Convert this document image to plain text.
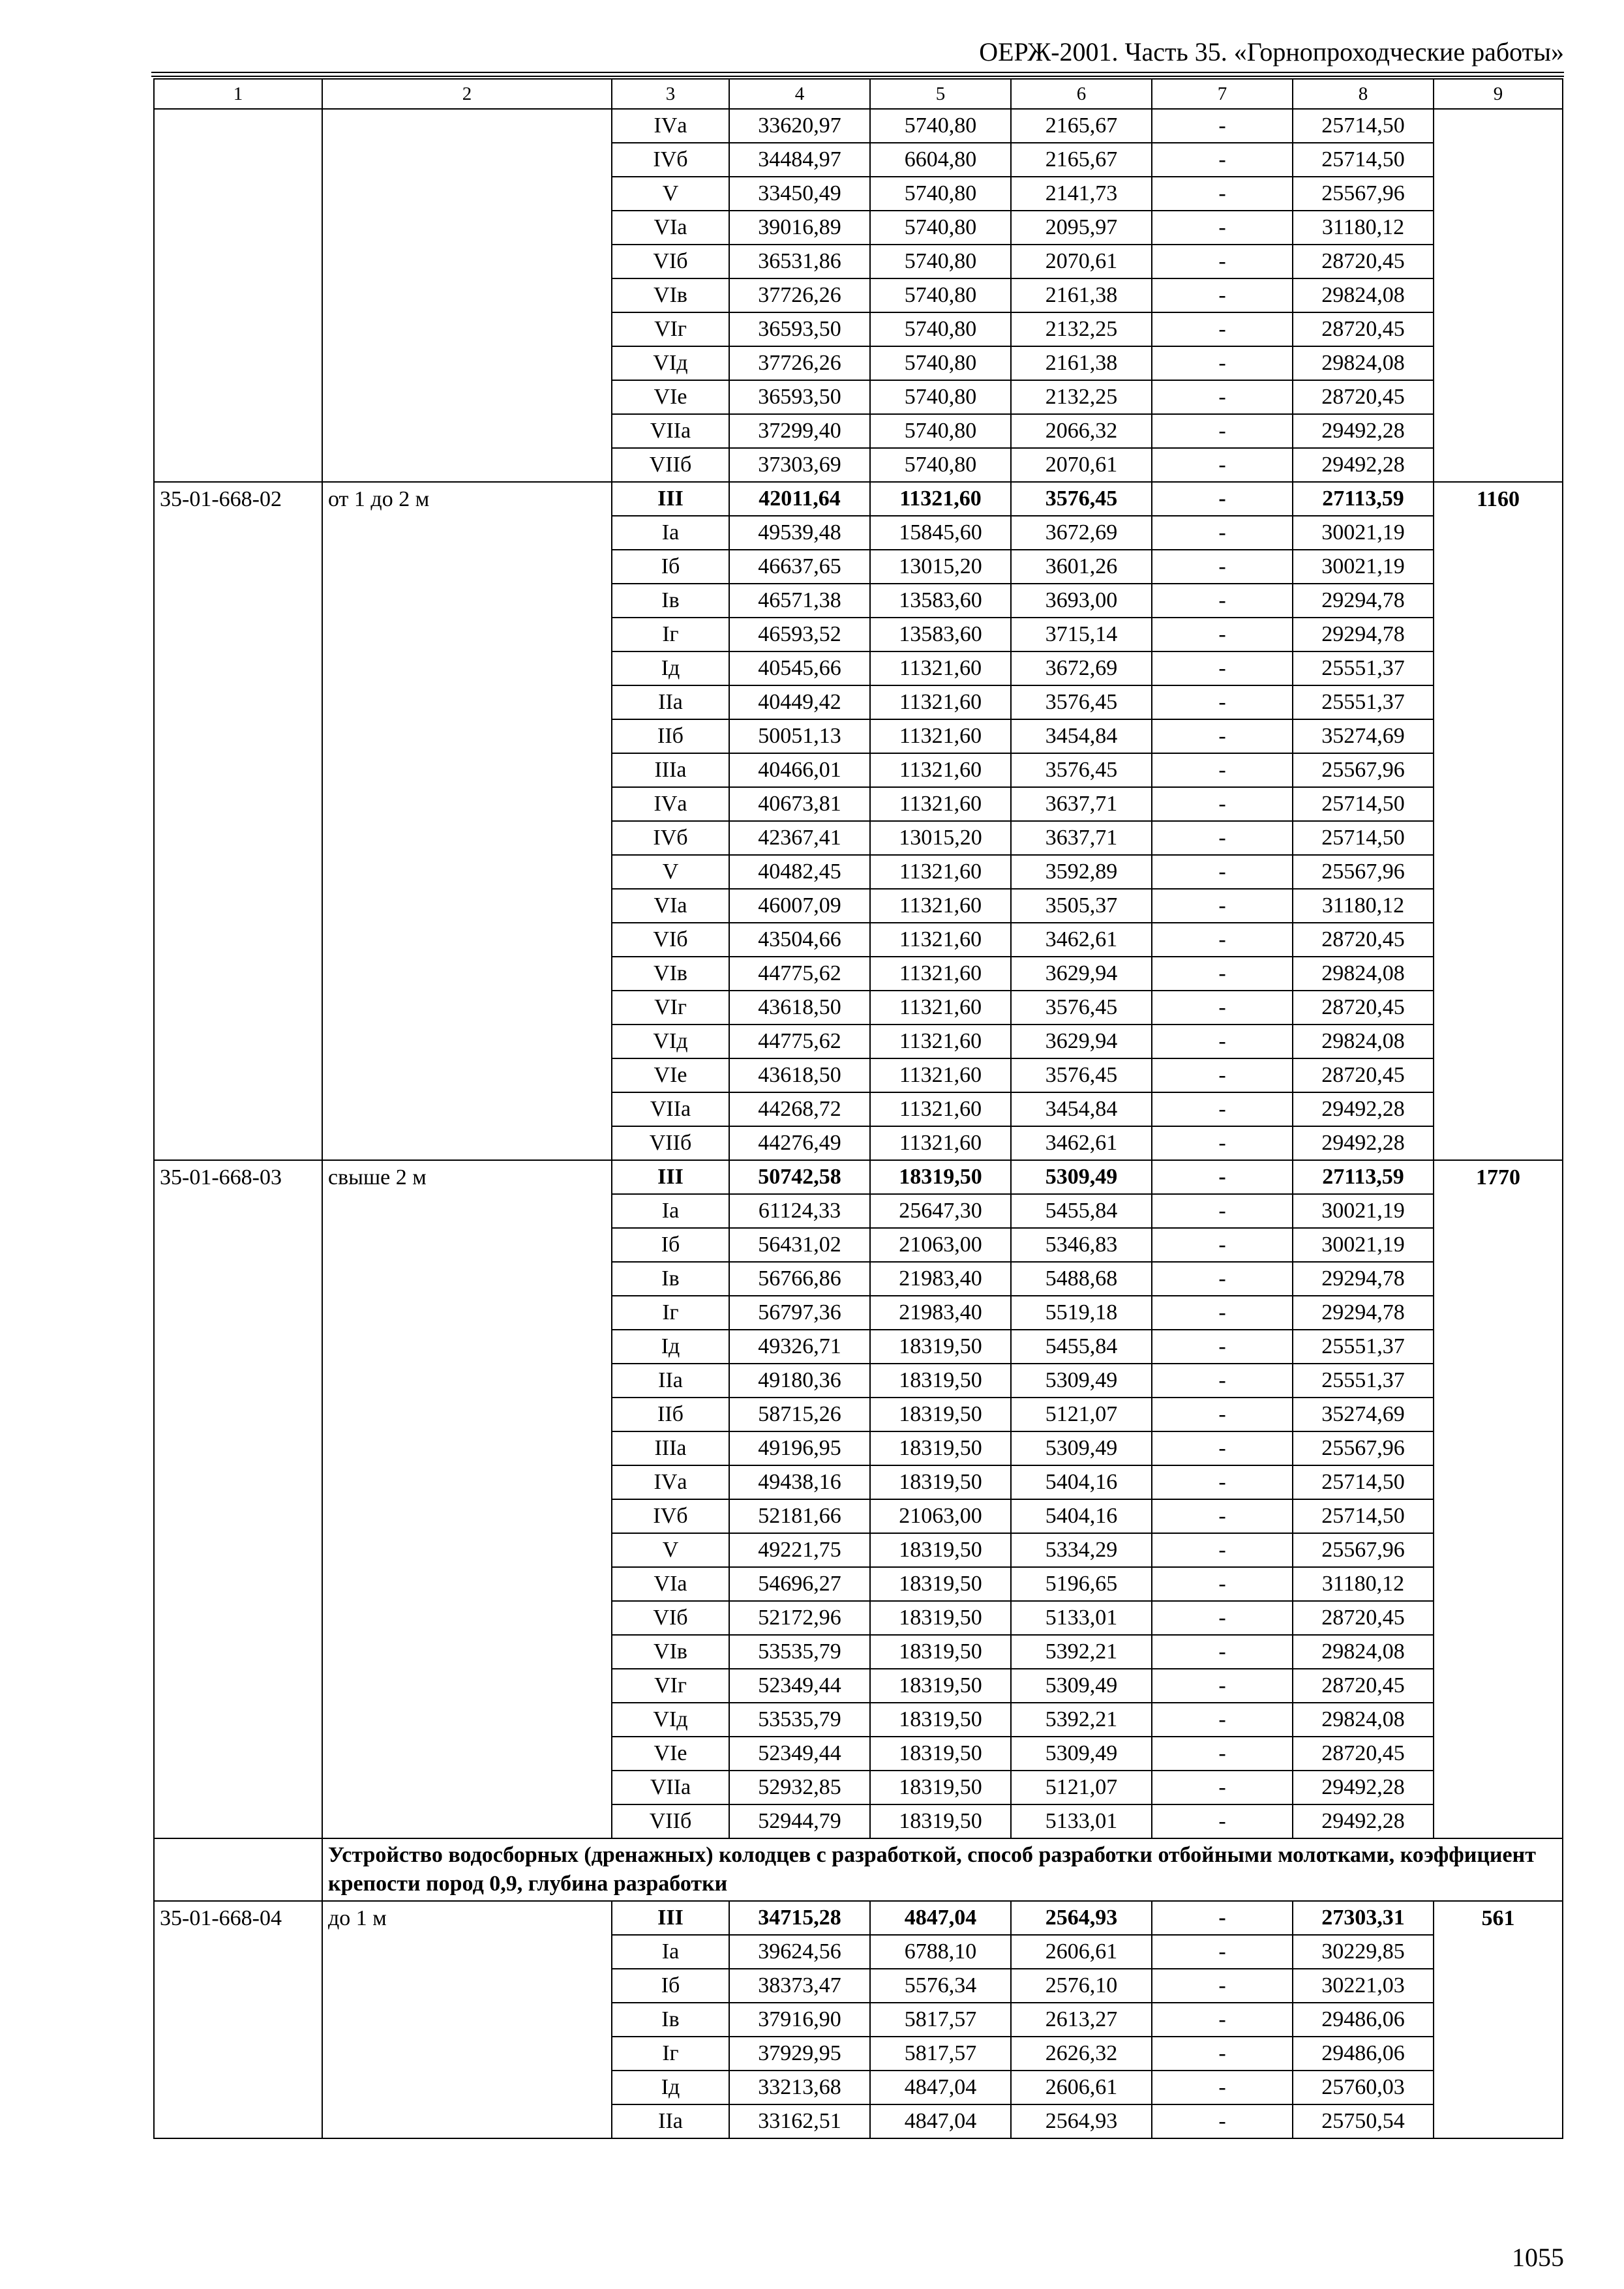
ОЕРЖ-2001. Часть 35. «Горнопроходческие работы»
1	2	3	4	5	6	7	8	9
		IVа	33620,97	5740,80	2165,67	-	25714,50	
		IVб	34484,97	6604,80	2165,67	-	25714,50	
		V	33450,49	5740,80	2141,73	-	25567,96	
		VIа	39016,89	5740,80	2095,97	-	31180,12	
		VIб	36531,86	5740,80	2070,61	-	28720,45	
		VIв	37726,26	5740,80	2161,38	-	29824,08	
		VIг	36593,50	5740,80	2132,25	-	28720,45	
		VIд	37726,26	5740,80	2161,38	-	29824,08	
		VIе	36593,50	5740,80	2132,25	-	28720,45	
		VIIа	37299,40	5740,80	2066,32	-	29492,28	
		VIIб	37303,69	5740,80	2070,61	-	29492,28	
35-01-668-02	от 1 до 2 м	III	42011,64	11321,60	3576,45	-	27113,59	1160
		Iа	49539,48	15845,60	3672,69	-	30021,19	
		Iб	46637,65	13015,20	3601,26	-	30021,19	
		Iв	46571,38	13583,60	3693,00	-	29294,78	
		Iг	46593,52	13583,60	3715,14	-	29294,78	
		Iд	40545,66	11321,60	3672,69	-	25551,37	
		IIа	40449,42	11321,60	3576,45	-	25551,37	
		IIб	50051,13	11321,60	3454,84	-	35274,69	
		IIIа	40466,01	11321,60	3576,45	-	25567,96	
		IVа	40673,81	11321,60	3637,71	-	25714,50	
		IVб	42367,41	13015,20	3637,71	-	25714,50	
		V	40482,45	11321,60	3592,89	-	25567,96	
		VIа	46007,09	11321,60	3505,37	-	31180,12	
		VIб	43504,66	11321,60	3462,61	-	28720,45	
		VIв	44775,62	11321,60	3629,94	-	29824,08	
		VIг	43618,50	11321,60	3576,45	-	28720,45	
		VIд	44775,62	11321,60	3629,94	-	29824,08	
		VIе	43618,50	11321,60	3576,45	-	28720,45	
		VIIа	44268,72	11321,60	3454,84	-	29492,28	
		VIIб	44276,49	11321,60	3462,61	-	29492,28	
35-01-668-03	свыше 2 м	III	50742,58	18319,50	5309,49	-	27113,59	1770
		Iа	61124,33	25647,30	5455,84	-	30021,19	
		Iб	56431,02	21063,00	5346,83	-	30021,19	
		Iв	56766,86	21983,40	5488,68	-	29294,78	
		Iг	56797,36	21983,40	5519,18	-	29294,78	
		Iд	49326,71	18319,50	5455,84	-	25551,37	
		IIа	49180,36	18319,50	5309,49	-	25551,37	
		IIб	58715,26	18319,50	5121,07	-	35274,69	
		IIIа	49196,95	18319,50	5309,49	-	25567,96	
		IVа	49438,16	18319,50	5404,16	-	25714,50	
		IVб	52181,66	21063,00	5404,16	-	25714,50	
		V	49221,75	18319,50	5334,29	-	25567,96	
		VIа	54696,27	18319,50	5196,65	-	31180,12	
		VIб	52172,96	18319,50	5133,01	-	28720,45	
		VIв	53535,79	18319,50	5392,21	-	29824,08	
		VIг	52349,44	18319,50	5309,49	-	28720,45	
		VIд	53535,79	18319,50	5392,21	-	29824,08	
		VIе	52349,44	18319,50	5309,49	-	28720,45	
		VIIа	52932,85	18319,50	5121,07	-	29492,28	
		VIIб	52944,79	18319,50	5133,01	-	29492,28	
	Устройство водосборных (дренажных) колодцев с разработкой, способ разработки отбойными молотками, коэффициент крепости пород 0,9, глубина разработки							
35-01-668-04	до 1 м	III	34715,28	4847,04	2564,93	-	27303,31	561
		Iа	39624,56	6788,10	2606,61	-	30229,85	
		Iб	38373,47	5576,34	2576,10	-	30221,03	
		Iв	37916,90	5817,57	2613,27	-	29486,06	
		Iг	37929,95	5817,57	2626,32	-	29486,06	
		Iд	33213,68	4847,04	2606,61	-	25760,03	
		IIа	33162,51	4847,04	2564,93	-	25750,54	
1055
